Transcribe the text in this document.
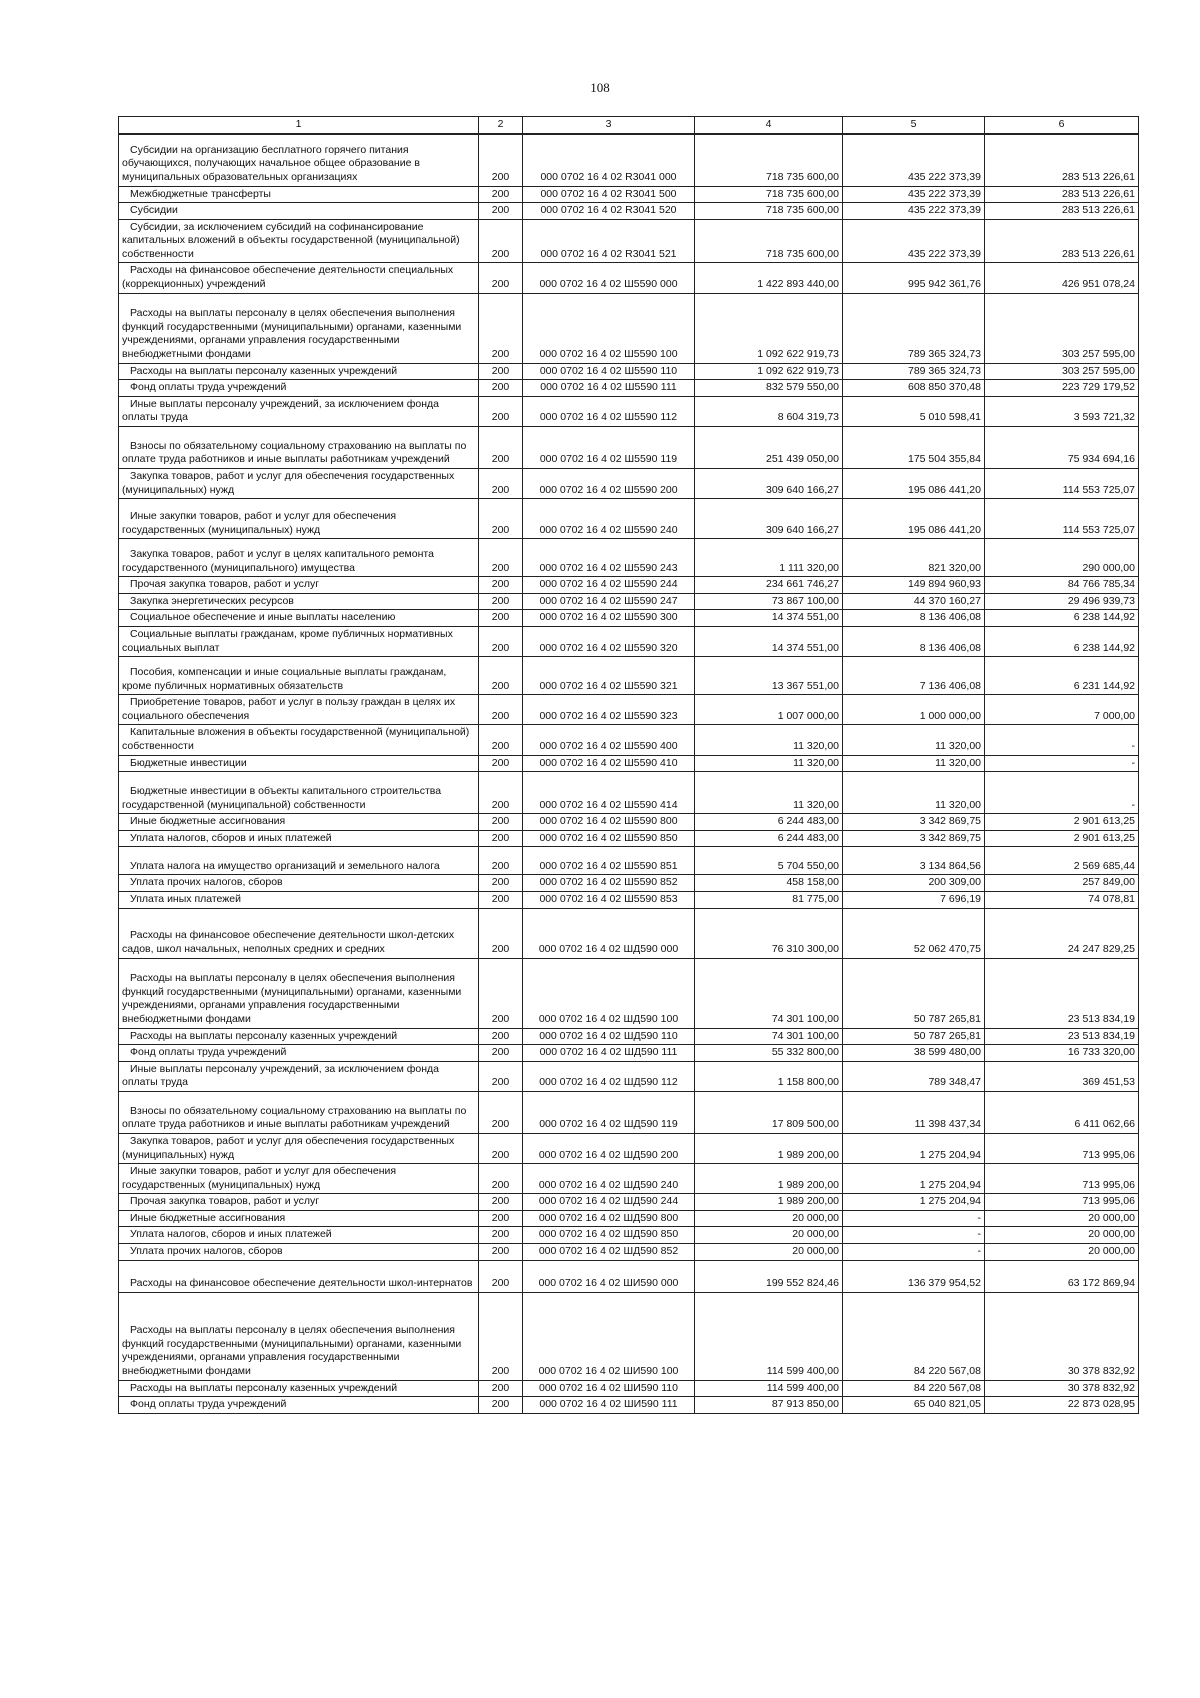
108
1	2	3	4	5	6
Субсидии на организацию бесплатного горячего питания обучающихся, получающих начальное общее образование в муниципальных образовательных организациях	200	000 0702 16 4 02 R3041 000	718 735 600,00	435 222 373,39	283 513 226,61
Межбюджетные трансферты	200	000 0702 16 4 02 R3041 500	718 735 600,00	435 222 373,39	283 513 226,61
Субсидии	200	000 0702 16 4 02 R3041 520	718 735 600,00	435 222 373,39	283 513 226,61
Субсидии, за исключением субсидий на софинансирование капитальных вложений в объекты государственной (муниципальной) собственности	200	000 0702 16 4 02 R3041 521	718 735 600,00	435 222 373,39	283 513 226,61
Расходы на финансовое обеспечение деятельности специальных (коррекционных) учреждений	200	000 0702 16 4 02 Ш5590 000	1 422 893 440,00	995 942 361,76	426 951 078,24
Расходы на выплаты персоналу в целях обеспечения выполнения функций государственными (муниципальными) органами, казенными учреждениями, органами управления государственными внебюджетными фондами	200	000 0702 16 4 02 Ш5590 100	1 092 622 919,73	789 365 324,73	303 257 595,00
Расходы на выплаты персоналу казенных учреждений	200	000 0702 16 4 02 Ш5590 110	1 092 622 919,73	789 365 324,73	303 257 595,00
Фонд оплаты труда учреждений	200	000 0702 16 4 02 Ш5590 111	832 579 550,00	608 850 370,48	223 729 179,52
Иные выплаты персоналу учреждений, за исключением фонда оплаты труда	200	000 0702 16 4 02 Ш5590 112	8 604 319,73	5 010 598,41	3 593 721,32
Взносы по обязательному социальному страхованию на выплаты по оплате труда работников и иные выплаты работникам учреждений	200	000 0702 16 4 02 Ш5590 119	251 439 050,00	175 504 355,84	75 934 694,16
Закупка товаров, работ и услуг для обеспечения государственных (муниципальных) нужд	200	000 0702 16 4 02 Ш5590 200	309 640 166,27	195 086 441,20	114 553 725,07
Иные закупки товаров, работ и услуг для обеспечения государственных (муниципальных) нужд	200	000 0702 16 4 02 Ш5590 240	309 640 166,27	195 086 441,20	114 553 725,07
Закупка товаров, работ и услуг в целях капитального ремонта государственного (муниципального) имущества	200	000 0702 16 4 02 Ш5590 243	1 111 320,00	821 320,00	290 000,00
Прочая закупка товаров, работ и услуг	200	000 0702 16 4 02 Ш5590 244	234 661 746,27	149 894 960,93	84 766 785,34
Закупка энергетических ресурсов	200	000 0702 16 4 02 Ш5590 247	73 867 100,00	44 370 160,27	29 496 939,73
Социальное обеспечение и иные выплаты населению	200	000 0702 16 4 02 Ш5590 300	14 374 551,00	8 136 406,08	6 238 144,92
Социальные выплаты гражданам, кроме публичных нормативных социальных выплат	200	000 0702 16 4 02 Ш5590 320	14 374 551,00	8 136 406,08	6 238 144,92
Пособия, компенсации и иные социальные выплаты гражданам, кроме публичных нормативных обязательств	200	000 0702 16 4 02 Ш5590 321	13 367 551,00	7 136 406,08	6 231 144,92
Приобретение товаров, работ и услуг в пользу граждан в целях их социального обеспечения	200	000 0702 16 4 02 Ш5590 323	1 007 000,00	1 000 000,00	7 000,00
Капитальные вложения в объекты государственной (муниципальной) собственности	200	000 0702 16 4 02 Ш5590 400	11 320,00	11 320,00	-
Бюджетные инвестиции	200	000 0702 16 4 02 Ш5590 410	11 320,00	11 320,00	-
Бюджетные инвестиции в объекты капитального строительства государственной (муниципальной) собственности	200	000 0702 16 4 02 Ш5590 414	11 320,00	11 320,00	-
Иные бюджетные ассигнования	200	000 0702 16 4 02 Ш5590 800	6 244 483,00	3 342 869,75	2 901 613,25
Уплата налогов, сборов и иных платежей	200	000 0702 16 4 02 Ш5590 850	6 244 483,00	3 342 869,75	2 901 613,25
Уплата налога на имущество организаций и земельного налога	200	000 0702 16 4 02 Ш5590 851	5 704 550,00	3 134 864,56	2 569 685,44
Уплата прочих налогов, сборов	200	000 0702 16 4 02 Ш5590 852	458 158,00	200 309,00	257 849,00
Уплата иных платежей	200	000 0702 16 4 02 Ш5590 853	81 775,00	7 696,19	74 078,81
Расходы на финансовое обеспечение деятельности школ-детских садов, школ начальных, неполных средних и средних	200	000 0702 16 4 02 ШД590 000	76 310 300,00	52 062 470,75	24 247 829,25
Расходы на выплаты персоналу в целях обеспечения выполнения функций государственными (муниципальными) органами, казенными учреждениями, органами управления государственными внебюджетными фондами	200	000 0702 16 4 02 ШД590 100	74 301 100,00	50 787 265,81	23 513 834,19
Расходы на выплаты персоналу казенных учреждений	200	000 0702 16 4 02 ШД590 110	74 301 100,00	50 787 265,81	23 513 834,19
Фонд оплаты труда учреждений	200	000 0702 16 4 02 ШД590 111	55 332 800,00	38 599 480,00	16 733 320,00
Иные выплаты персоналу учреждений, за исключением фонда оплаты труда	200	000 0702 16 4 02 ШД590 112	1 158 800,00	789 348,47	369 451,53
Взносы по обязательному социальному страхованию на выплаты по оплате труда работников и иные выплаты работникам учреждений	200	000 0702 16 4 02 ШД590 119	17 809 500,00	11 398 437,34	6 411 062,66
Закупка товаров, работ и услуг для обеспечения государственных (муниципальных) нужд	200	000 0702 16 4 02 ШД590 200	1 989 200,00	1 275 204,94	713 995,06
Иные закупки товаров, работ и услуг для обеспечения государственных (муниципальных) нужд	200	000 0702 16 4 02 ШД590 240	1 989 200,00	1 275 204,94	713 995,06
Прочая закупка товаров, работ и услуг	200	000 0702 16 4 02 ШД590 244	1 989 200,00	1 275 204,94	713 995,06
Иные бюджетные ассигнования	200	000 0702 16 4 02 ШД590 800	20 000,00	-	20 000,00
Уплата налогов, сборов и иных платежей	200	000 0702 16 4 02 ШД590 850	20 000,00	-	20 000,00
Уплата прочих налогов, сборов	200	000 0702 16 4 02 ШД590 852	20 000,00	-	20 000,00
Расходы на финансовое обеспечение деятельности школ-интернатов	200	000 0702 16 4 02 ШИ590 000	199 552 824,46	136 379 954,52	63 172 869,94
Расходы на выплаты персоналу в целях обеспечения выполнения функций государственными (муниципальными) органами, казенными учреждениями, органами управления государственными внебюджетными фондами	200	000 0702 16 4 02 ШИ590 100	114 599 400,00	84 220 567,08	30 378 832,92
Расходы на выплаты персоналу казенных учреждений	200	000 0702 16 4 02 ШИ590 110	114 599 400,00	84 220 567,08	30 378 832,92
Фонд оплаты труда учреждений	200	000 0702 16 4 02 ШИ590 111	87 913 850,00	65 040 821,05	22 873 028,95
